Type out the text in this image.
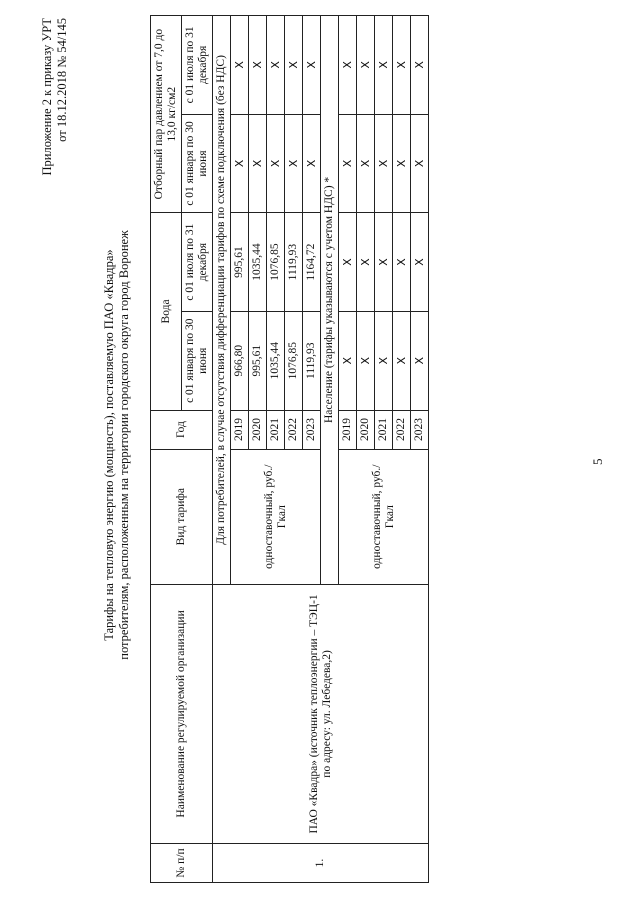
5
Приложение 2 к приказу УРТ от 18.12.2018 № 54/145
Тарифы на тепловую энергию (мощность), поставляемую ПАО «Квадра» потребителям, расположенным на территории городского округа город Воронеж
№ п/п	Наименование регулируемой организации	Вид тарифа	Год	Вода		Отборный пар давлением от 7,0 до 13,0 кг/см2	
				с 01 января по 30 июня	с 01 июля по 31 декабря	с 01 января по 30 июня	с 01 июля по 31 декабря
1.	ПАО «Квадра» (источник теплоэнергии – ТЭЦ-1 по адресу: ул. Лебедева,2)	Для потребителей, в случае отсутствия дифференциации тарифов по схеме подключения (без НДС)					
		одноставочный, руб./Гкал	2019	966,80	995,61	X	X
			2020	995,61	1035,44	X	X
			2021	1035,44	1076,85	X	X
			2022	1076,85	1119,93	X	X
			2023	1119,93	1164,72	X	X
		Население (тарифы указываются с учетом НДС) *					
		одноставочный, руб./Гкал	2019	X	X	X	X
			2020	X	X	X	X
			2021	X	X	X	X
			2022	X	X	X	X
			2023	X	X	X	X
